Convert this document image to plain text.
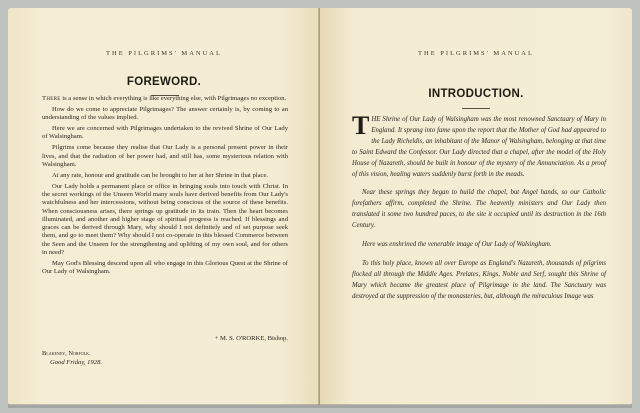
THE PILGRIMS' MANUAL
FOREWORD.
THE PILGRIMS' MANUAL
INTRODUCTION.

There is a sense in which everything is like everything else, with Pilgrimages no exception.

How do we come to appreciate Pilgrimages? The answer certainly is, by coming to an understanding of the values implied.

Here we are concerned with Pilgrimages undertaken to the revived Shrine of Our Lady of Walsingham.

Pilgrims come because they realise that Our Lady is a personal present power in their lives, and that the radiation of her power had, and still has, some mysterious relation with Walsingham.

At any rate, honour and gratitude can be brought to her at her Shrine in that place.

Our Lady holds a permanent place or office in bringing souls into touch with Christ. In the secret workings of the Unseen World many souls have derived benefits from Our Lady's watchfulness and her intercessions, without being conscious of the source of these benefits. When consciousness arises, there springs up gratitude in its train. Then the heart becomes illuminated, and another and higher stage of spiritual progress is reached. If blessings and graces can be derived through Mary, why should I not definitely and of set purpose seek them, and go to meet them? Why should I not co-operate in this blessed Commerce between the Seen and the Unseen for the strengthening and uplifting of my own soul, and for others in need?

May God's Blessing descend upon all who engage in this Glorious Quest at the Shrine of Our Lady of Walsingham.

+ M. S. O'RORKE, Bishop.
Blakeney, Norfolk.
Good Friday, 1928.

THE Shrine of Our Lady of Walsingham was the most renowned Sanctuary of Mary in England. It sprang into fame upon the report that the Mother of God had appeared to the Lady Richeldis, an inhabitant of the Manor of Walsingham, belonging at that time to Saint Edward the Confessor. Our Lady directed that a chapel, after the model of the Holy House of Nazareth, should be built in honour of the mystery of the Annunciation. As a proof of this vision, healing waters suddenly burst forth in the meads.

Near these springs they began to build the chapel, but Angel hands, so our Catholic forefathers affirm, completed the Shrine. The heavenly ministers and Our Lady then translated it some two hundred paces, to the site it occupied until its destruction in the 16th Century.

Here was enshrined the venerable image of Our Lady of Walsingham.

To this holy place, known all over Europe as England's Nazareth, thousands of pilgrims flocked all through the Middle Ages. Prelates, Kings, Noble and Serf, sought this Shrine of Mary which became the greatest place of Pilgrimage in the land. The Sanctuary was destroyed at the suppression of the monasteries, but, although the miraculous Image was
